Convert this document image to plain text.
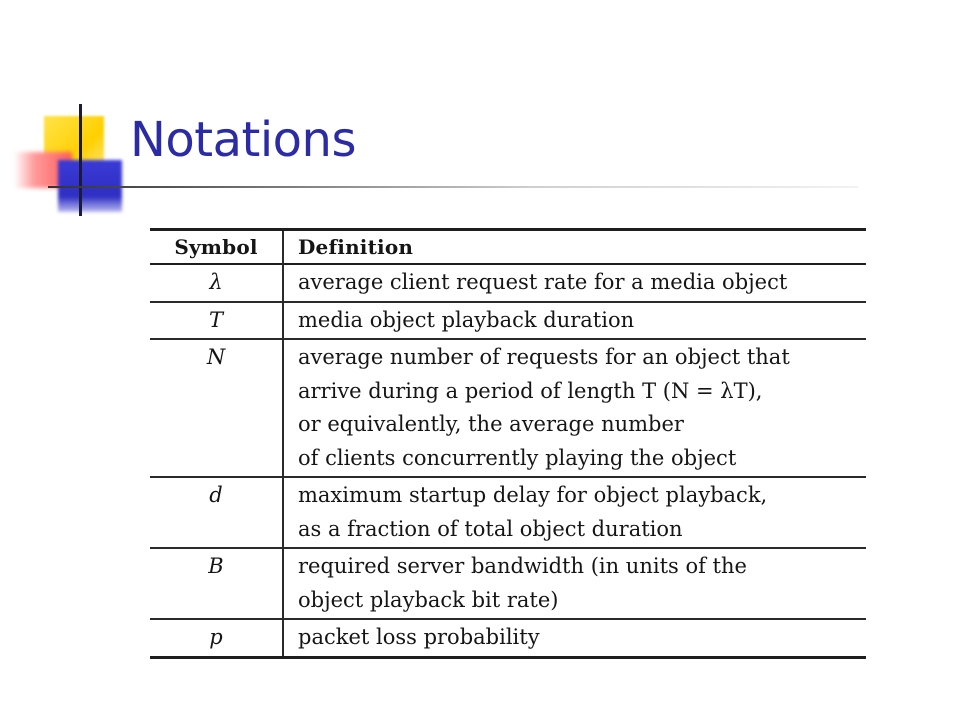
Notations
Symbol	Definition
λ	average client request rate for a media object

T	media object playback duration

N	average number of requests for an object that
arrive during a period of length T (N = λT),
or equivalently, the average number
of clients concurrently playing the object

d	maximum startup delay for object playback,
as a fraction of total object duration

B	required server bandwidth (in units of the
object playback bit rate)

p	packet loss probability
